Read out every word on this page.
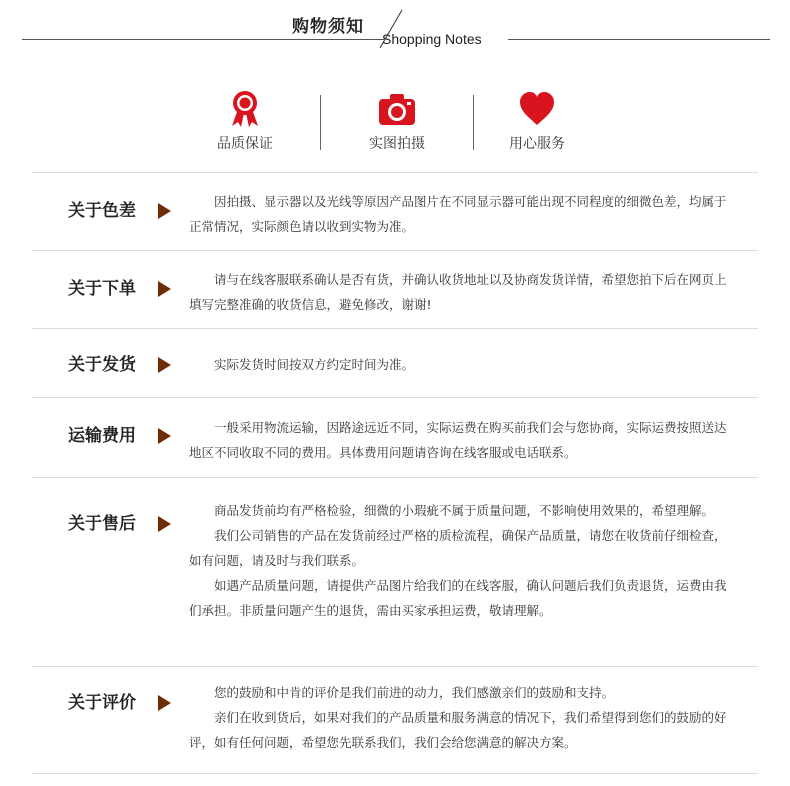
购物须知
Shopping Notes
品质保证	实图拍摄	用心服务
关于色差	　　因拍摄、显示器以及光线等原因产品图片在不同显示器可能出现不同程度的细微色差，均属于正常情况，实际颜色请以收到实物为准。

关于下单	　　请与在线客服联系确认是否有货，并确认收货地址以及协商发货详情，希望您拍下后在网页上填写完整准确的收货信息，避免修改，谢谢!

关于发货	　　实际发货时间按双方约定时间为准。

运输费用	　　一般采用物流运输，因路途远近不同，实际运费在购买前我们会与您协商，实际运费按照送达地区不同收取不同的费用。具体费用问题请咨询在线客服或电话联系。

关于售后

　　商品发货前均有严格检验，细微的小瑕疵不属于质量问题，不影响使用效果的，希望理解。

　　我们公司销售的产品在发货前经过严格的质检流程，确保产品质量，请您在收货前仔细检查，如有问题，请及时与我们联系。

　　如遇产品质量问题，请提供产品图片给我们的在线客服，确认问题后我们负责退货，运费由我们承担。非质量问题产生的退货，需由买家承担运费，敬请理解。

关于评价

　　您的鼓励和中肯的评价是我们前进的动力，我们感激亲们的鼓励和支持。

　　亲们在收到货后，如果对我们的产品质量和服务满意的情况下，我们希望得到您们的鼓励的好评，如有任何问题，希望您先联系我们，我们会给您满意的解决方案。
